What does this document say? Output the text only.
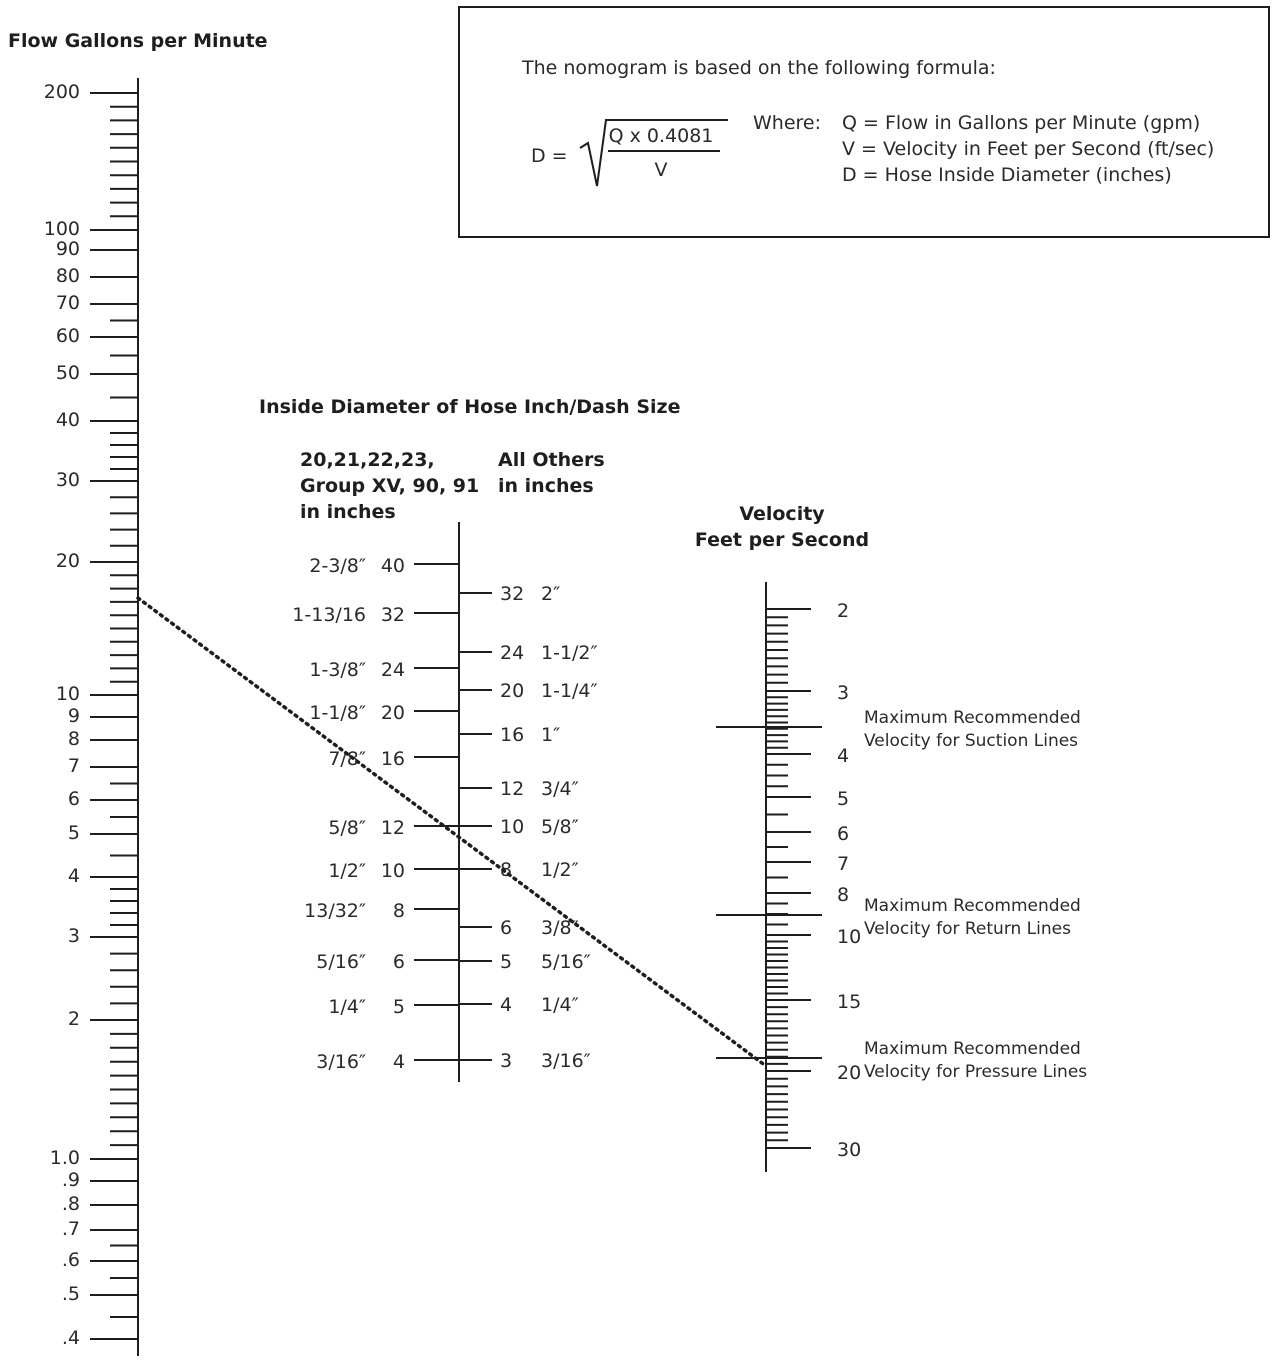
Flow Gallons per Minute
200
100
90
80
70
60
50
40
30
20
10
9
8
7
6
5
4
3
2
1.0
.9
.8
.7
.6
.5
.4
The nomogram is based on the following formula:
D =
Q x 0.4081
V
Where: Q = Flow in Gallons per Minute (gpm)
V = Velocity in Feet per Second (ft/sec)
D = Hose Inside Diameter (inches)
Inside Diameter of Hose Inch/Dash Size
20,21,22,23,
Group XV, 90, 91
in inches
All Others
in inches
40
2-3/8″
32
1-13/16
24
1-3/8″
20
1-1/8″
16
7/8″
12
5/8″
10
1/2″
8
13/32″
6
5/16″
5
1/4″
4
3/16″
32 2″
24 1-1/2″
20 1-1/4″
16 1″
12 3/4″
10 5/8″
8 1/2″
6 3/8″
5 5/16″
4 1/4″
3 3/16″
Velocity
Feet per Second
2
3
4
5
6
7
8
10
15
20
30
Maximum Recommended
Velocity for Suction Lines
Maximum Recommended
Velocity for Return Lines
Maximum Recommended
Velocity for Pressure Lines
